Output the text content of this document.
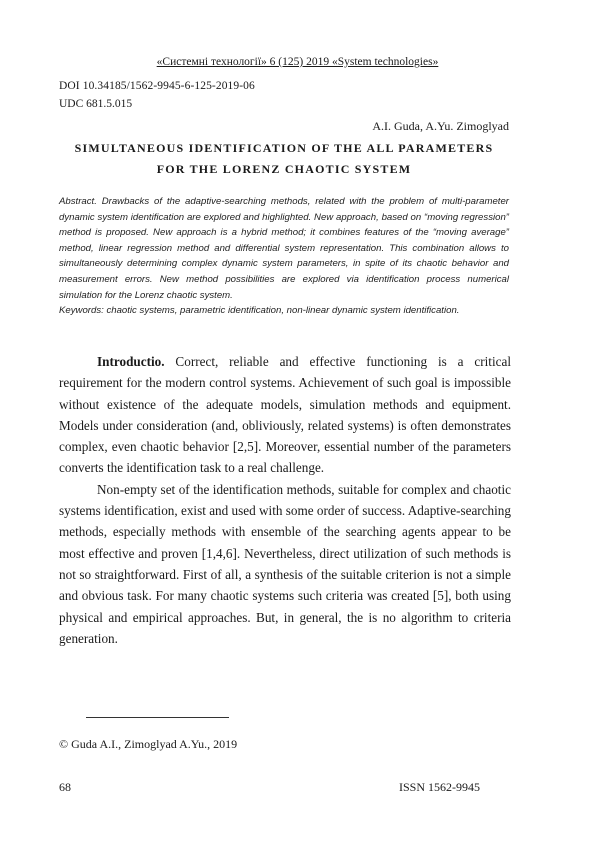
«Системні технології» 6 (125) 2019 «System technologies»
DOI 10.34185/1562-9945-6-125-2019-06
UDC 681.5.015
A.I. Guda, A.Yu. Zimoglyad
SIMULTANEOUS IDENTIFICATION OF THE ALL PARAMETERS
FOR THE LORENZ CHAOTIC SYSTEM
Abstract. Drawbacks of the adaptive-searching methods, related with the problem of multi-parameter dynamic system identification are explored and highlighted. New approach, based on “moving regression” method is proposed. New approach is a hybrid method; it combines features of the “moving average” method, linear regression method and differential system representation. This combination allows to simultaneously determining complex dynamic system parameters, in spite of its chaotic behavior and measurement errors. New method possibilities are explored via identification process numerical simulation for the Lorenz chaotic system.
Keywords: chaotic systems, parametric identification, non-linear dynamic system identification.

Introductio. Correct, reliable and effective functioning is a critical requirement for the modern control systems. Achievement of such goal is impossible without existence of the adequate models, simulation methods and equipment. Models under consideration (and, obliviously, related systems) is often demonstrates complex, even chaotic behavior [2,5]. Moreover, essential number of the parameters converts the identification task to a real challenge.

Non-empty set of the identification methods, suitable for complex and chaotic systems identification, exist and used with some order of success. Adaptive-searching methods, especially methods with ensemble of the searching agents appear to be most effective and proven [1,4,6]. Nevertheless, direct utilization of such methods is not so straightforward. First of all, a synthesis of the suitable criterion is not a simple and obvious task. For many chaotic systems such criteria was created [5], both using physical and empirical approaches. But, in general, the is no algorithm to criteria generation.

© Guda A.I., Zimoglyad A.Yu., 2019
68	ISSN 1562-9945
